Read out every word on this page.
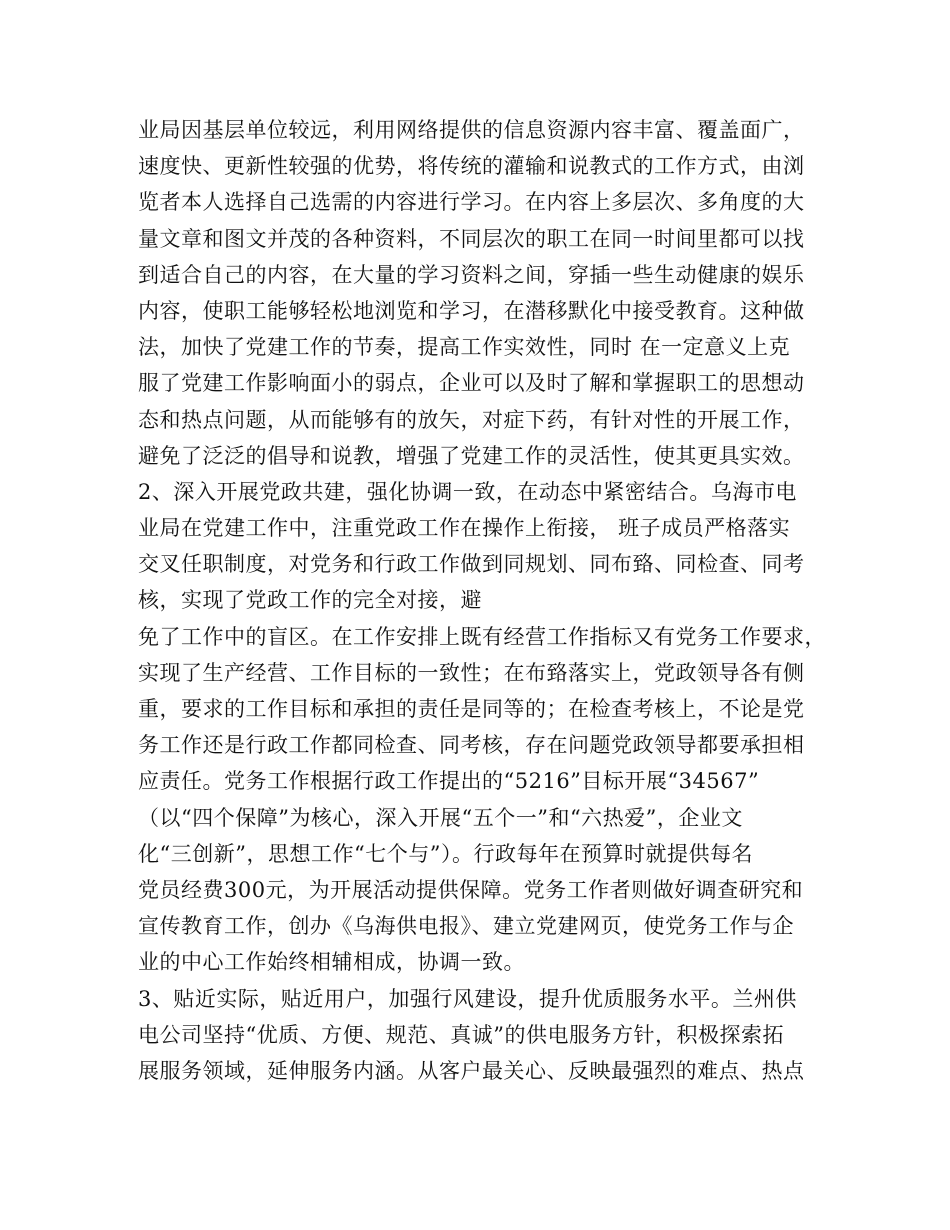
业局因基层单位较远，利用网络提供的信息资源内容丰富、覆盖面广，
速度快、更新性较强的优势，将传统的灌输和说教式的工作方式，由浏
览者本人选择自己选需的内容进行学习。在内容上多层次、多角度的大
量文章和图文并茂的各种资料，不同层次的职工在同一时间里都可以找
到适合自己的内容，在大量的学习资料之间，穿插一些生动健康的娱乐
内容，使职工能够轻松地浏览和学习，在潜移默化中接受教育。这种做
法，加快了党建工作的节奏，提高工作实效性，同时 在一定意义上克
服了党建工作影响面小的弱点，企业可以及时了解和掌握职工的思想动
态和热点问题，从而能够有的放矢，对症下药，有针对性的开展工作，
避免了泛泛的倡导和说教，增强了党建工作的灵活性，使其更具实效。
2、深入开展党政共建，强化协调一致，在动态中紧密结合。乌海市电
业局在党建工作中，注重党政工作在操作上衔接， 班子成员严格落实
交叉任职制度，对党务和行政工作做到同规划、同布臵、同检查、同考
核，实现了党政工作的完全对接，避
免了工作中的盲区。在工作安排上既有经营工作指标又有党务工作要求，
实现了生产经营、工作目标的一致性；在布臵落实上，党政领导各有侧
重，要求的工作目标和承担的责任是同等的；在检查考核上，不论是党
务工作还是行政工作都同检查、同考核，存在问题党政领导都要承担相
应责任。党务工作根据行政工作提出的“5216”目标开展“34567”
（以“四个保障”为核心，深入开展“五个一”和“六热爱”，企业文
化“三创新”，思想工作“七个与”）。行政每年在预算时就提供每名
党员经费300元，为开展活动提供保障。党务工作者则做好调查研究和
宣传教育工作，创办《乌海供电报》、建立党建网页，使党务工作与企
业的中心工作始终相辅相成，协调一致。
3、贴近实际，贴近用户，加强行风建设，提升优质服务水平。兰州供
电公司坚持“优质、方便、规范、真诚”的供电服务方针，积极探索拓
展服务领域，延伸服务内涵。从客户最关心、反映最强烈的难点、热点
